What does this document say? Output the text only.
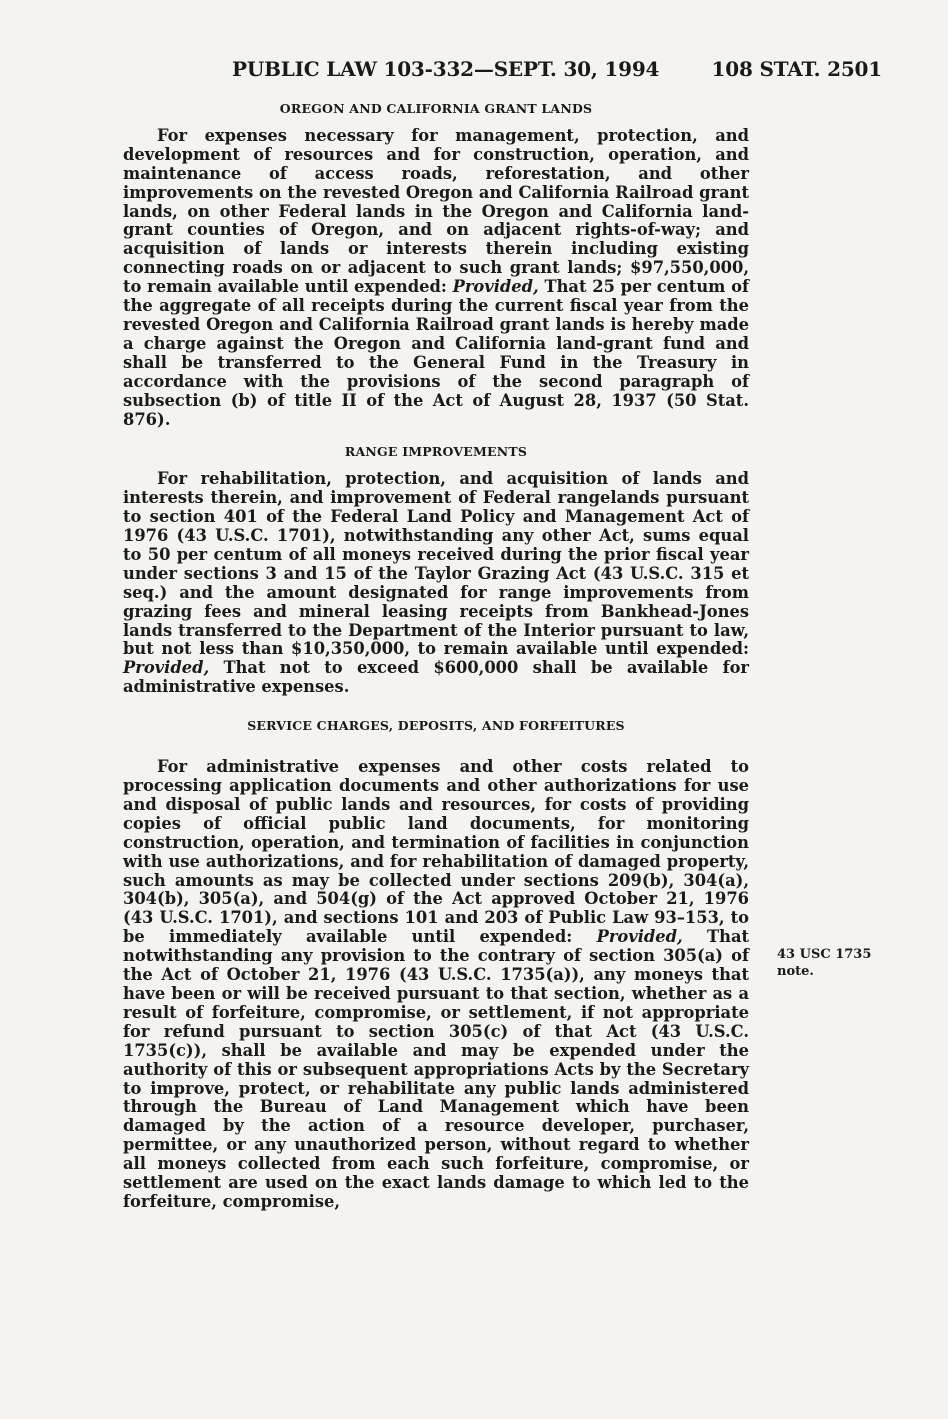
PUBLIC LAW 103-332—SEPT. 30, 1994	108 STAT. 2501
OREGON AND CALIFORNIA GRANT LANDS

For expenses necessary for management, protection, and development of resources and for construction, operation, and maintenance of access roads, reforestation, and other improvements on the revested Oregon and California Railroad grant lands, on other Federal lands in the Oregon and California land-grant counties of Oregon, and on adjacent rights-of-way; and acquisition of lands or interests therein including existing connecting roads on or adjacent to such grant lands; $97,550,000, to remain available until expended: Provided, That 25 per centum of the aggregate of all receipts during the current fiscal year from the revested Oregon and California Railroad grant lands is hereby made a charge against the Oregon and California land-grant fund and shall be transferred to the General Fund in the Treasury in accordance with the provisions of the second paragraph of subsection (b) of title II of the Act of August 28, 1937 (50 Stat. 876).

RANGE IMPROVEMENTS

For rehabilitation, protection, and acquisition of lands and interests therein, and improvement of Federal rangelands pursuant to section 401 of the Federal Land Policy and Management Act of 1976 (43 U.S.C. 1701), notwithstanding any other Act, sums equal to 50 per centum of all moneys received during the prior fiscal year under sections 3 and 15 of the Taylor Grazing Act (43 U.S.C. 315 et seq.) and the amount designated for range improvements from grazing fees and mineral leasing receipts from Bankhead-Jones lands transferred to the Department of the Interior pursuant to law, but not less than $10,350,000, to remain available until expended: Provided, That not to exceed $600,000 shall be available for administrative expenses.

SERVICE CHARGES, DEPOSITS, AND FORFEITURES

For administrative expenses and other costs related to processing application documents and other authorizations for use and disposal of public lands and resources, for costs of providing copies of official public land documents, for monitoring construction, operation, and termination of facilities in conjunction with use authorizations, and for rehabilitation of damaged property, such amounts as may be collected under sections 209(b), 304(a), 304(b), 305(a), and 504(g) of the Act approved October 21, 1976 (43 U.S.C. 1701), and sections 101 and 203 of Public Law 93–153, to be immediately available until expended: Provided, That notwithstanding any provision to the contrary of section 305(a) of the Act of October 21, 1976 (43 U.S.C. 1735(a)), any moneys that have been or will be received pursuant to that section, whether as a result of forfeiture, compromise, or settlement, if not appropriate for refund pursuant to section 305(c) of that Act (43 U.S.C. 1735(c)), shall be available and may be expended under the authority of this or subsequent appropriations Acts by the Secretary to improve, protect, or rehabilitate any public lands administered through the Bureau of Land Management which have been damaged by the action of a resource developer, purchaser, permittee, or any unauthorized person, without regard to whether all moneys collected from each such forfeiture, compromise, or settlement are used on the exact lands damage to which led to the forfeiture, compromise,

43 USC 1735
note.
